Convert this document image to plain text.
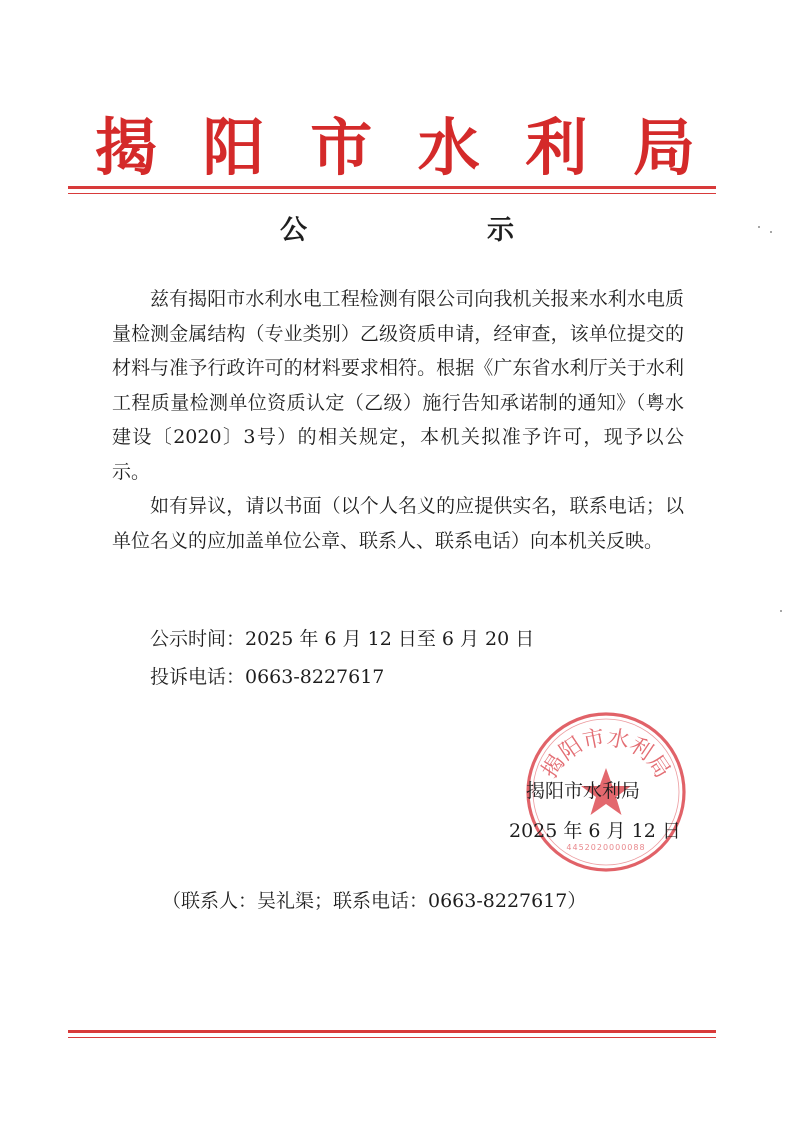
揭 阳 市 水 利 局
公	示

兹有揭阳市水利水电工程检测有限公司向我机关报来水利水电质量检测金属结构（专业类别）乙级资质申请，经审查，该单位提交的材料与准予行政许可的材料要求相符。根据《广东省水利厅关于水利工程质量检测单位资质认定（乙级）施行告知承诺制的通知》（粤水建设〔2020〕3号）的相关规定，本机关拟准予许可，现予以公示。

如有异议，请以书面（以个人名义的应提供实名，联系电话；以单位名义的应加盖单位公章、联系人、联系电话）向本机关反映。

公示时间：2025 年 6 月 12 日至 6 月 20 日
投诉电话：0663-8227617
揭阳市水利局
4452020000088
揭阳市水利局
2025 年 6 月 12 日
（联系人：吴礼渠；联系电话：0663-8227617）
